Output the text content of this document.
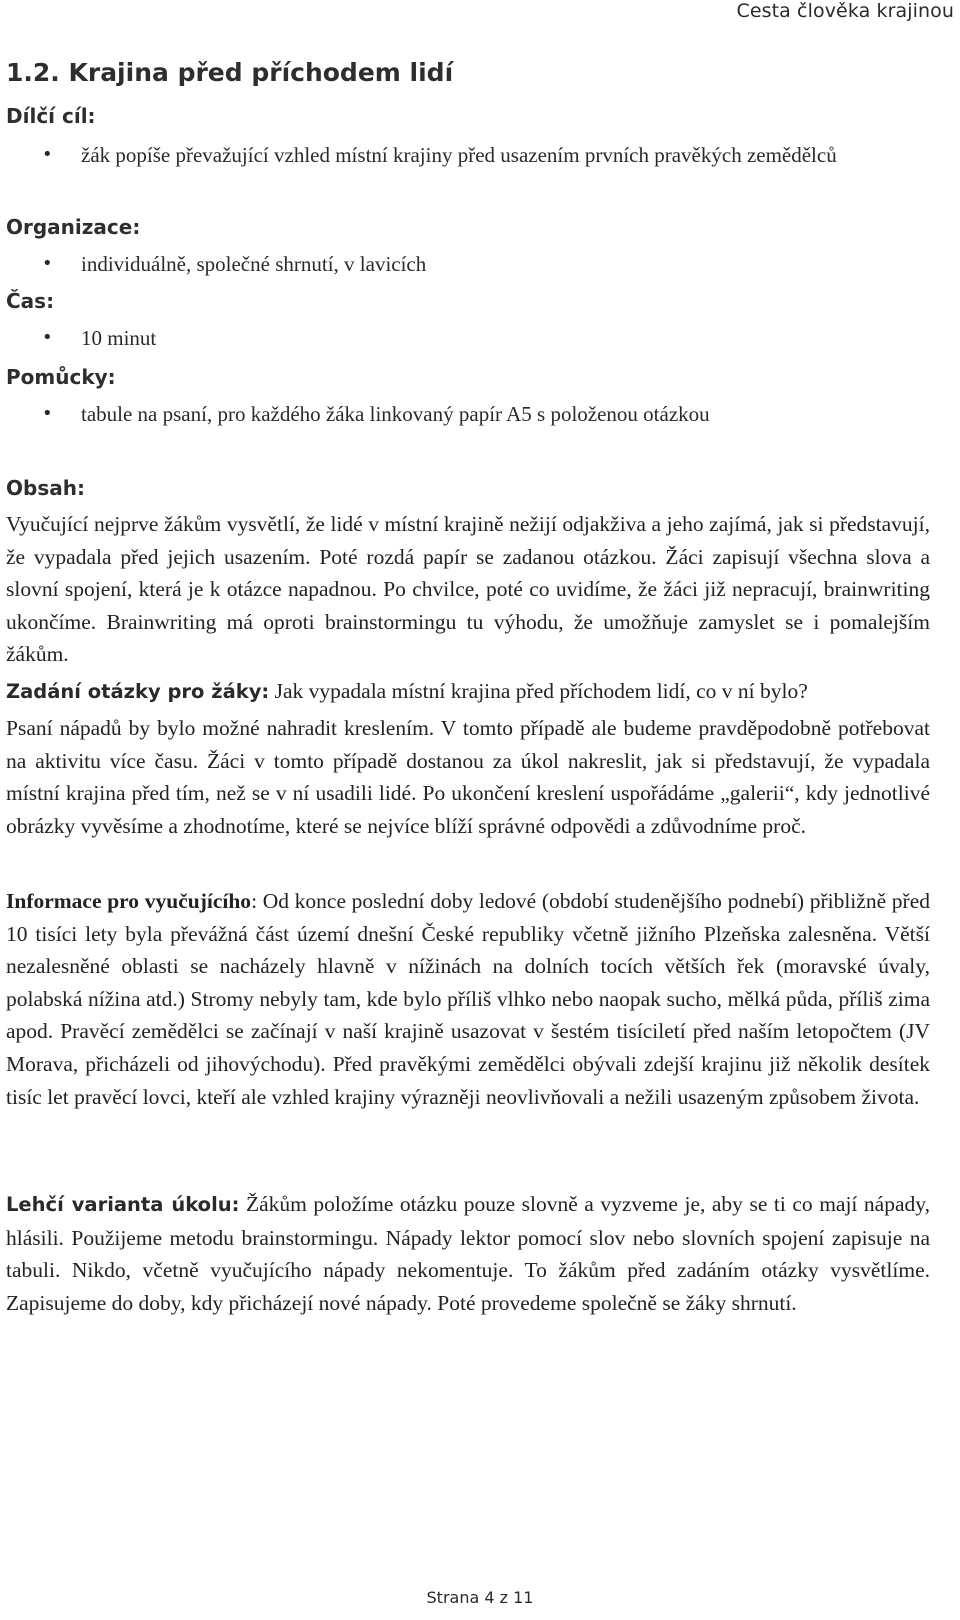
Cesta člověka krajinou
1.2. Krajina před příchodem lidí
Dílčí cíl:
• žák popíše převažující vzhled místní krajiny před usazením prvních pravěkých zemědělců
Organizace:
• individuálně, společné shrnutí, v lavicích
Čas:
• 10 minut
Pomůcky:
• tabule na psaní, pro každého žáka linkovaný papír A5 s položenou otázkou
Obsah:

Vyučující nejprve žákům vysvětlí, že lidé v místní krajině nežijí odjakživa a jeho zajímá, jak si představují, že vypadala před jejich usazením. Poté rozdá papír se zadanou otázkou. Žáci zapisují všechna slova a slovní spojení, která je k otázce napadnou. Po chvilce, poté co uvidíme, že žáci již nepracují, brainwriting ukončíme. Brainwriting má oproti brainstormingu tu výhodu, že umožňuje zamyslet se i pomalejším žákům.

Zadání otázky pro žáky: Jak vypadala místní krajina před příchodem lidí, co v ní bylo?

Psaní nápadů by bylo možné nahradit kreslením. V tomto případě ale budeme pravděpodobně potřebovat na aktivitu více času. Žáci v tomto případě dostanou za úkol nakreslit, jak si představují, že vypadala místní krajina před tím, než se v ní usadili lidé. Po ukončení kreslení uspořádáme „galerii“, kdy jednotlivé obrázky vyvěsíme a zhodnotíme, které se nejvíce blíží správné odpovědi a zdůvodníme proč.

Informace pro vyučujícího: Od konce poslední doby ledové (období studenějšího podnebí) přibližně před 10 tisíci lety byla převážná část území dnešní České republiky včetně jižního Plzeňska zalesněna. Větší nezalesněné oblasti se nacházely hlavně v nížinách na dolních tocích větších řek (moravské úvaly, polabská nížina atd.) Stromy nebyly tam, kde bylo příliš vlhko nebo naopak sucho, mělká půda, příliš zima apod. Pravěcí zemědělci se začínají v naší krajině usazovat v šestém tisíciletí před naším letopočtem (JV Morava, přicházeli od jihovýchodu). Před pravěkými zemědělci obývali zdejší krajinu již několik desítek tisíc let pravěcí lovci, kteří ale vzhled krajiny výrazněji neovlivňovali a nežili usazeným způsobem života.

Lehčí varianta úkolu: Žákům položíme otázku pouze slovně a vyzveme je, aby se ti co mají nápady, hlásili. Použijeme metodu brainstormingu. Nápady lektor pomocí slov nebo slovních spojení zapisuje na tabuli. Nikdo, včetně vyučujícího nápady nekomentuje. To žákům před zadáním otázky vysvětlíme. Zapisujeme do doby, kdy přicházejí nové nápady. Poté provedeme společně se žáky shrnutí.

Strana 4 z 11
